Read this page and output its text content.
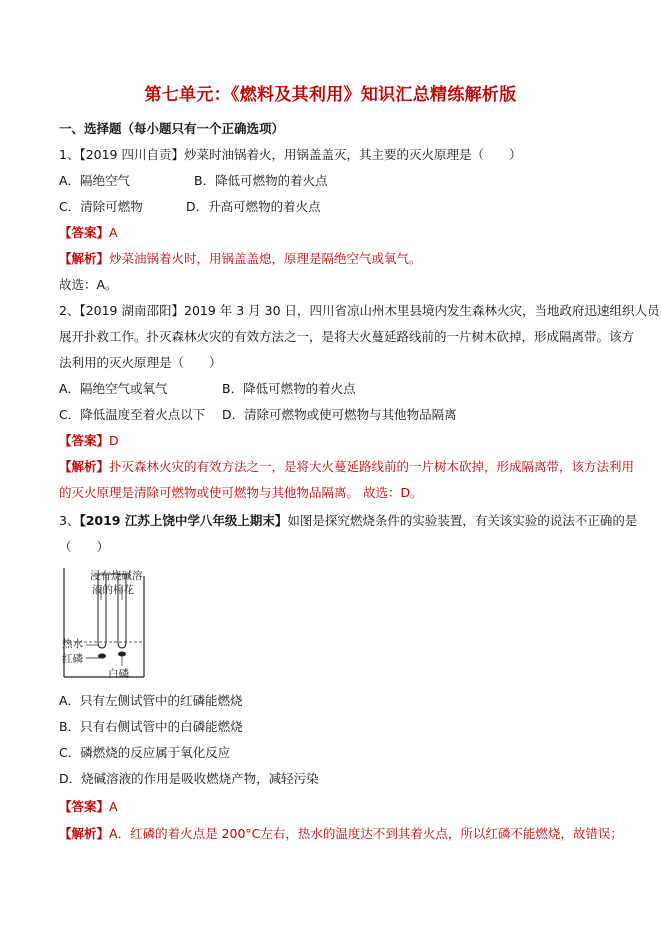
第七单元：《燃料及其利用》知识汇总精练解析版
一、选择题（每小题只有一个正确选项）
1、【2019 四川自贡】炒菜时油锅着火，用锅盖盖灭，其主要的灭火原理是（　　）
A．隔绝空气	B．降低可燃物的着火点
C．清除可燃物	D．升高可燃物的着火点
【答案】A
【解析】炒菜油锅着火时，用锅盖盖熄，原理是隔绝空气或氧气。
故选：A。
2、【2019 湖南邵阳】2019 年 3 月 30 日，四川省凉山州木里县境内发生森林火灾，当地政府迅速组织人员
展开扑救工作。扑灭森林火灾的有效方法之一，是将大火蔓延路线前的一片树木砍掉，形成隔离带。该方
法利用的灭火原理是（　　）
A．隔绝空气或氧气	B．降低可燃物的着火点
C．降低温度至着火点以下 D．清除可燃物或使可燃物与其他物品隔离
【答案】D
【解析】扑灭森林火灾的有效方法之一，是将大火蔓延路线前的一片树木砍掉，形成隔离带，该方法利用
的灭火原理是清除可燃物或使可燃物与其他物品隔离。 故选：D。
3、【2019 江苏上饶中学八年级上期末】如图是探究燃烧条件的实验装置，有关该实验的说法不正确的是
（　　）
浸有烧碱溶
液的棉花
热水
红磷
白磷
A．只有左侧试管中的红磷能燃烧
B．只有右侧试管中的白磷能燃烧
C．磷燃烧的反应属于氧化反应
D．烧碱溶液的作用是吸收燃烧产物，减轻污染
【答案】A
【解析】A．红磷的着火点是 200°C左右，热水的温度达不到其着火点，所以红磷不能燃烧，故错误；
